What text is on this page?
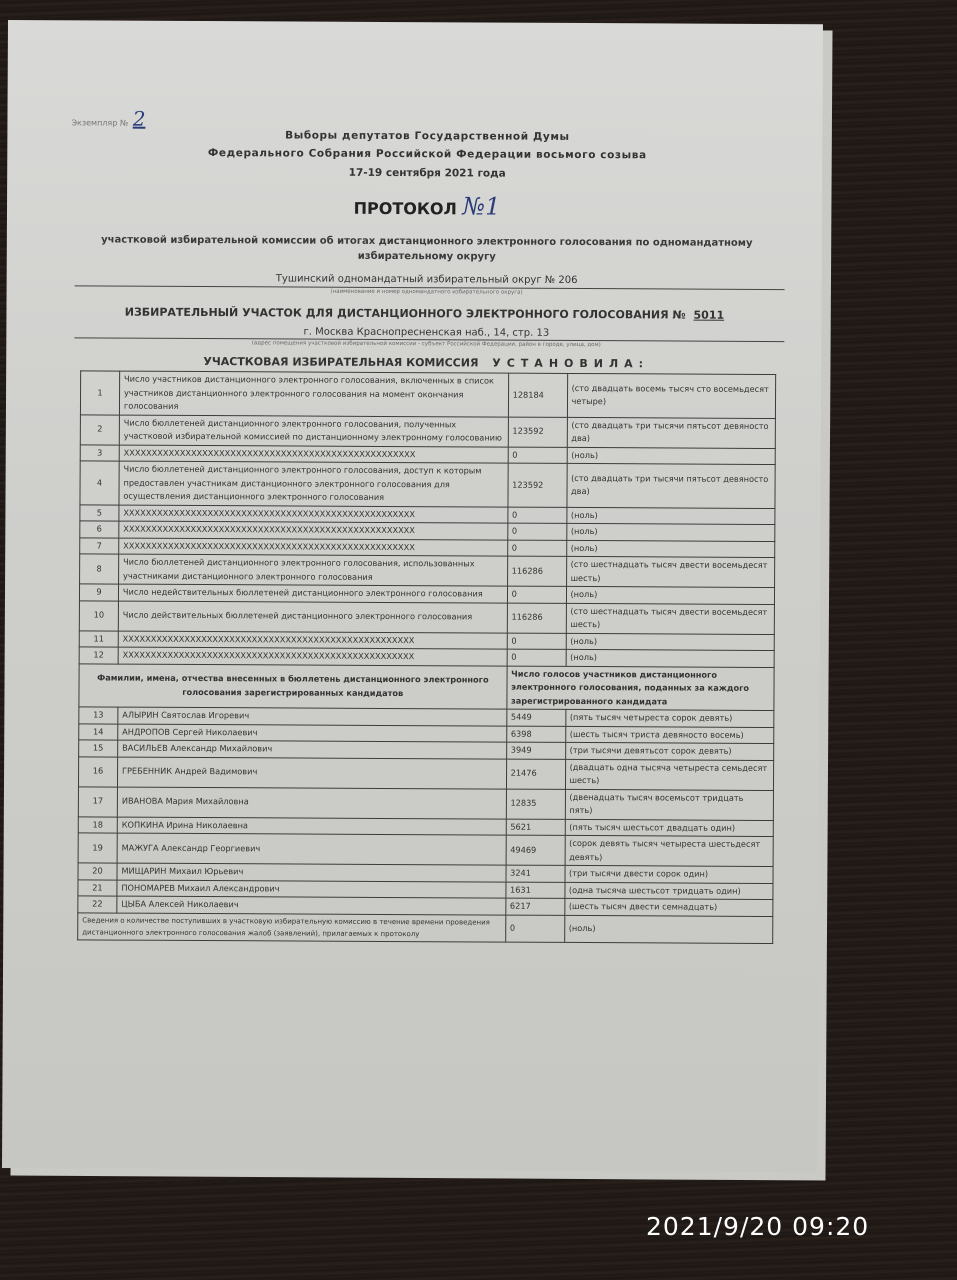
Экземпляр № 2
Выборы депутатов Государственной Думы
Федерального Собрания Российской Федерации восьмого созыва
17-19 сентября 2021 года
ПРОТОКОЛ №1
участковой избирательной комиссии об итогах дистанционного электронного голосования по одномандатному избирательному округу
Тушинский одномандатный избирательный округ № 206
(наименование и номер одномандатного избирательного округа)
ИЗБИРАТЕЛЬНЫЙ УЧАСТОК ДЛЯ ДИСТАНЦИОННОГО ЭЛЕКТРОННОГО ГОЛОСОВАНИЯ № 5011
г. Москва Краснопресненская наб., 14, стр. 13
(адрес помещения участковой избирательной комиссии - субъект Российской Федерации, район в городе, улица, дом)
УЧАСТКОВАЯ ИЗБИРАТЕЛЬНАЯ КОМИССИЯ УСТАНОВИЛА:
1	Число участников дистанционного электронного голосования, включенных в список участников дистанционного электронного голосования на момент окончания голосования	128184	(сто двадцать восемь тысяч сто восемьдесят четыре)
2	Число бюллетеней дистанционного электронного голосования, полученных участковой избирательной комиссией по дистанционному электронному голосованию	123592	(сто двадцать три тысячи пятьсот девяносто два)
3	XXXXXXXXXXXXXXXXXXXXXXXXXXXXXXXXXXXXXXXXXXXXXXXXXXXX	0	(ноль)
4	Число бюллетеней дистанционного электронного голосования, доступ к которым предоставлен участникам дистанционного электронного голосования для осуществления дистанционного электронного голосования	123592	(сто двадцать три тысячи пятьсот девяносто два)
5	XXXXXXXXXXXXXXXXXXXXXXXXXXXXXXXXXXXXXXXXXXXXXXXXXXXX	0	(ноль)
6	XXXXXXXXXXXXXXXXXXXXXXXXXXXXXXXXXXXXXXXXXXXXXXXXXXXX	0	(ноль)
7	XXXXXXXXXXXXXXXXXXXXXXXXXXXXXXXXXXXXXXXXXXXXXXXXXXXX	0	(ноль)
8	Число бюллетеней дистанционного электронного голосования, использованных участниками дистанционного электронного голосования	116286	(сто шестнадцать тысяч двести восемьдесят шесть)
9	Число недействительных бюллетеней дистанционного электронного голосования	0	(ноль)
10	Число действительных бюллетеней дистанционного электронного голосования	116286	(сто шестнадцать тысяч двести восемьдесят шесть)
11	XXXXXXXXXXXXXXXXXXXXXXXXXXXXXXXXXXXXXXXXXXXXXXXXXXXX	0	(ноль)
12	XXXXXXXXXXXXXXXXXXXXXXXXXXXXXXXXXXXXXXXXXXXXXXXXXXXX	0	(ноль)
Фамилии, имена, отчества внесенных в бюллетень дистанционного электронного голосования зарегистрированных кандидатов		Число голосов участников дистанционного электронного голосования, поданных за каждого зарегистрированного кандидата	
13	АЛЫРИН Святослав Игоревич	5449	(пять тысяч четыреста сорок девять)
14	АНДРОПОВ Сергей Николаевич	6398	(шесть тысяч триста девяносто восемь)
15	ВАСИЛЬЕВ Александр Михайлович	3949	(три тысячи девятьсот сорок девять)
16	ГРЕБЕННИК Андрей Вадимович	21476	(двадцать одна тысяча четыреста семьдесят шесть)
17	ИВАНОВА Мария Михайловна	12835	(двенадцать тысяч восемьсот тридцать пять)
18	КОПКИНА Ирина Николаевна	5621	(пять тысяч шестьсот двадцать один)
19	МАЖУГА Александр Георгиевич	49469	(сорок девять тысяч четыреста шестьдесят девять)
20	МИЩАРИН Михаил Юрьевич	3241	(три тысячи двести сорок один)
21	ПОНОМАРЕВ Михаил Александрович	1631	(одна тысяча шестьсот тридцать один)
22	ЦЫБА Алексей Николаевич	6217	(шесть тысяч двести семнадцать)
Сведения о количестве поступивших в участковую избирательную комиссию в течение времени проведения дистанционного электронного голосования жалоб (заявлений), прилагаемых к протоколу		0	(ноль)
2021/9/20 09:20
